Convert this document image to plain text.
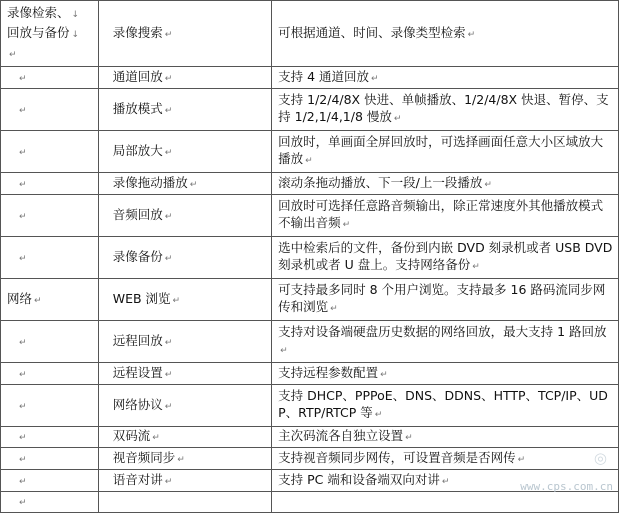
录像检索、 ↓
回放与备份 ↓
↵	录像搜索 ↵	可根据通道、时间、录像类型检索 ↵
↵	通道回放 ↵	支持 4 通道回放 ↵
↵	播放模式 ↵	支持 1/2/4/8X 快进、单帧播放、1/2/4/8X 快退、暂停、支持 1/2,1/4,1/8 慢放 ↵
↵	局部放大 ↵	回放时，单画面全屏回放时，可选择画面任意大小区域放大播放 ↵
↵	录像拖动播放 ↵	滚动条拖动播放、下一段/上一段播放 ↵
↵	音频回放 ↵	回放时可选择任意路音频输出，除正常速度外其他播放模式不输出音频 ↵
↵	录像备份 ↵	选中检索后的文件，备份到内嵌 DVD 刻录机或者 USB DVD 刻录机或者 U 盘上。支持网络备份 ↵
网络 ↵	WEB 浏览 ↵	可支持最多同时 8 个用户浏览。支持最多 16 路码流同步网传和浏览 ↵
↵	远程回放 ↵	支持对设备端硬盘历史数据的网络回放，最大支持 1 路回放↵
↵	远程设置 ↵	支持远程参数配置 ↵
↵	网络协议 ↵	支持 DHCP、PPPoE、DNS、DDNS、HTTP、TCP/IP、UDP、RTP/RTCP 等 ↵
↵	双码流 ↵	主次码流各自独立设置 ↵
↵	视音频同步 ↵	支持视音频同步网传，可设置音频是否网传 ↵
↵	语音对讲 ↵	支持 PC 端和设备端双向对讲 ↵
↵		
◎
www.cps.com.cn
